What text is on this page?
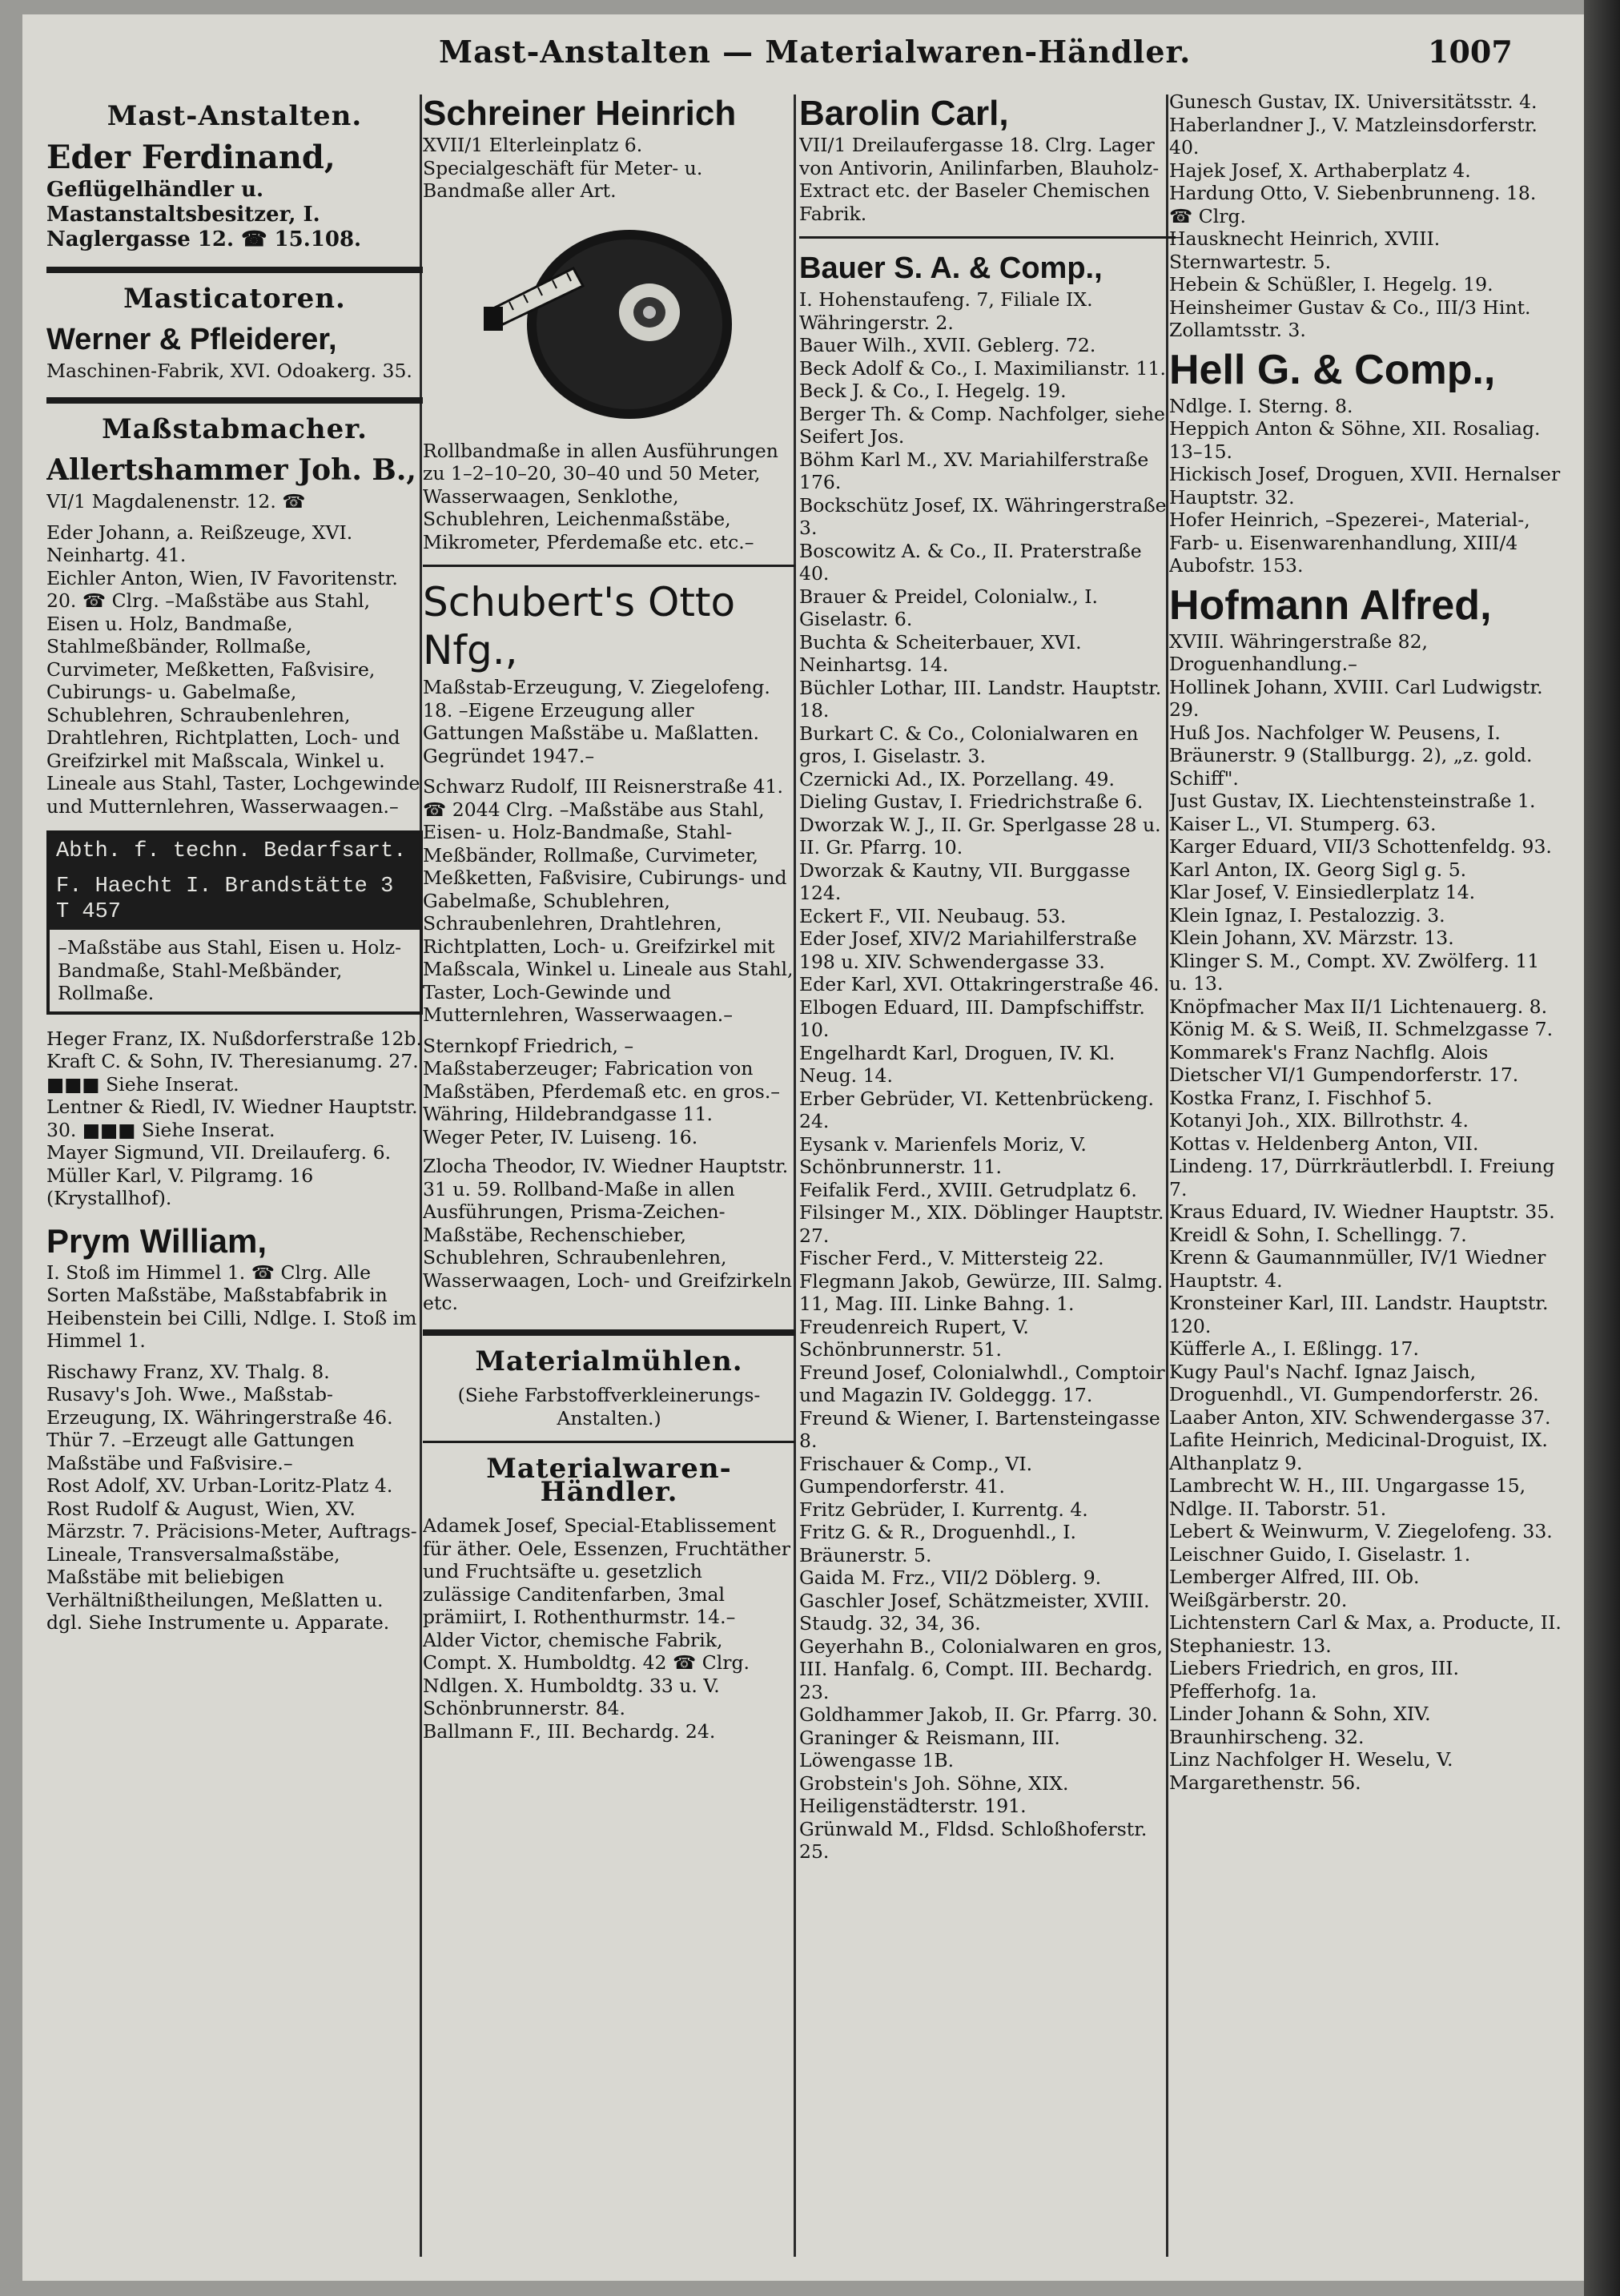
Mast-Anstalten — Materialwaren-Händler.	1007
Mast-Anstalten.
Eder Ferdinand,

Geflügelhändler u. Mastanstaltsbesitzer, I. Naglergasse 12. ☎ 15.108.

Masticatoren.
Werner & Pfleiderer,

Maschinen-Fabrik, XVI. Odoakerg. 35.

Maßstabmacher.
Allertshammer Joh. B.,

VI/1 Magdalenenstr. 12. ☎

Eder Johann, a. Reißzeuge, XVI. Neinhartg. 41.

Eichler Anton, Wien, IV Favoritenstr. 20. ☎ Clrg. –Maßstäbe aus Stahl, Eisen u. Holz, Bandmaße, Stahlmeßbänder, Rollmaße, Curvimeter, Meßketten, Faßvisire, Cubirungs- u. Gabelmaße, Schublehren, Schraubenlehren, Drahtlehren, Richtplatten, Loch- und Greifzirkel mit Maßscala, Winkel u. Lineale aus Stahl, Taster, Lochgewinde und Mutternlehren, Wasserwaagen.–

Abth. f. techn. Bedarfsart.
F. Haecht I. Brandstätte 3 T 457
–Maßstäbe aus Stahl, Eisen u. Holz-Bandmaße, Stahl-Meßbänder, Rollmaße.

Heger Franz, IX. Nußdorferstraße 12b.

Kraft C. & Sohn, IV. Theresianumg. 27. ■■■ Siehe Inserat.

Lentner & Riedl, IV. Wiedner Hauptstr. 30. ■■■ Siehe Inserat.

Mayer Sigmund, VII. Dreilauferg. 6.

Müller Karl, V. Pilgramg. 16 (Krystallhof).

Prym William,

I. Stoß im Himmel 1. ☎ Clrg. Alle Sorten Maßstäbe, Maßstabfabrik in Heibenstein bei Cilli, Ndlge. I. Stoß im Himmel 1.

Rischawy Franz, XV. Thalg. 8.

Rusavy's Joh. Wwe., Maßstab-Erzeugung, IX. Währingerstraße 46. Thür 7. –Erzeugt alle Gattungen Maßstäbe und Faßvisire.–

Rost Adolf, XV. Urban-Loritz-Platz 4.

Rost Rudolf & August, Wien, XV. Märzstr. 7. Präcisions-Meter, Auftrags-Lineale, Transversalmaßstäbe, Maßstäbe mit beliebigen Verhältnißtheilungen, Meßlatten u. dgl. Siehe Instrumente u. Apparate.

Schreiner Heinrich

XVII/1 Elterleinplatz 6. Specialgeschäft für Meter- u. Bandmaße aller Art.

Rollbandmaße in allen Ausführungen zu 1–2–10–20, 30–40 und 50 Meter, Wasserwaagen, Senklothe, Schublehren, Leichenmaßstäbe, Mikrometer, Pferdemaße etc. etc.–

Schubert's Otto Nfg.,

Maßstab-Erzeugung, V. Ziegelofeng. 18. –Eigene Erzeugung aller Gattungen Maßstäbe u. Maßlatten. Gegründet 1947.–

Schwarz Rudolf, III Reisnerstraße 41. ☎ 2044 Clrg. –Maßstäbe aus Stahl, Eisen- u. Holz-Bandmaße, Stahl-Meßbänder, Rollmaße, Curvimeter, Meßketten, Faßvisire, Cubirungs- und Gabelmaße, Schublehren, Schraubenlehren, Drahtlehren, Richtplatten, Loch- u. Greifzirkel mit Maßscala, Winkel u. Lineale aus Stahl, Taster, Loch-Gewinde und Mutternlehren, Wasserwaagen.–

Sternkopf Friedrich, –Maßstaberzeuger; Fabrication von Maßstäben, Pferdemaß etc. en gros.– Währing, Hildebrandgasse 11.

Weger Peter, IV. Luiseng. 16.

Zlocha Theodor, IV. Wiedner Hauptstr. 31 u. 59. Rollband-Maße in allen Ausführungen, Prisma-Zeichen-Maßstäbe, Rechenschieber, Schublehren, Schraubenlehren, Wasserwaagen, Loch- und Greifzirkeln etc.

Materialmühlen.

(Siehe Farbstoffverkleinerungs-Anstalten.)

Materialwaren-Händler.

Adamek Josef, Special-Etablissement für äther. Oele, Essenzen, Fruchtäther und Fruchtsäfte u. gesetzlich zulässige Canditenfarben, 3mal prämiirt, I. Rothenthurmstr. 14.–

Alder Victor, chemische Fabrik, Compt. X. Humboldtg. 42 ☎ Clrg. Ndlgen. X. Humboldtg. 33 u. V. Schönbrunnerstr. 84.

Ballmann F., III. Bechardg. 24.

Barolin Carl,

VII/1 Dreilaufergasse 18. Clrg. Lager von Antivorin, Anilinfarben, Blauholz-Extract etc. der Baseler Chemischen Fabrik.

Bauer S. A. & Comp.,

I. Hohenstaufeng. 7, Filiale IX. Währingerstr. 2.

Bauer Wilh., XVII. Geblerg. 72.

Beck Adolf & Co., I. Maximilianstr. 11.

Beck J. & Co., I. Hegelg. 19.

Berger Th. & Comp. Nachfolger, siehe Seifert Jos.

Böhm Karl M., XV. Mariahilferstraße 176.

Bockschütz Josef, IX. Währingerstraße 3.

Boscowitz A. & Co., II. Praterstraße 40.

Brauer & Preidel, Colonialw., I. Giselastr. 6.

Buchta & Scheiterbauer, XVI. Neinhartsg. 14.

Büchler Lothar, III. Landstr. Hauptstr. 18.

Burkart C. & Co., Colonialwaren en gros, I. Giselastr. 3.

Czernicki Ad., IX. Porzellang. 49.

Dieling Gustav, I. Friedrichstraße 6.

Dworzak W. J., II. Gr. Sperlgasse 28 u. II. Gr. Pfarrg. 10.

Dworzak & Kautny, VII. Burggasse 124.

Eckert F., VII. Neubaug. 53.

Eder Josef, XIV/2 Mariahilferstraße 198 u. XIV. Schwendergasse 33.

Eder Karl, XVI. Ottakringerstraße 46.

Elbogen Eduard, III. Dampfschiffstr. 10.

Engelhardt Karl, Droguen, IV. Kl. Neug. 14.

Erber Gebrüder, VI. Kettenbrückeng. 24.

Eysank v. Marienfels Moriz, V. Schönbrunnerstr. 11.

Feifalik Ferd., XVIII. Getrudplatz 6.

Filsinger M., XIX. Döblinger Hauptstr. 27.

Fischer Ferd., V. Mittersteig 22.

Flegmann Jakob, Gewürze, III. Salmg. 11, Mag. III. Linke Bahng. 1.

Freudenreich Rupert, V. Schönbrunnerstr. 51.

Freund Josef, Colonialwhdl., Comptoir und Magazin IV. Goldeggg. 17.

Freund & Wiener, I. Bartensteingasse 8.

Frischauer & Comp., VI. Gumpendorferstr. 41.

Fritz Gebrüder, I. Kurrentg. 4.

Fritz G. & R., Droguenhdl., I. Bräunerstr. 5.

Gaida M. Frz., VII/2 Döblerg. 9.

Gaschler Josef, Schätzmeister, XVIII. Staudg. 32, 34, 36.

Geyerhahn B., Colonialwaren en gros, III. Hanfalg. 6, Compt. III. Bechardg. 23.

Goldhammer Jakob, II. Gr. Pfarrg. 30.

Graninger & Reismann, III. Löwengasse 1B.

Grobstein's Joh. Söhne, XIX. Heiligenstädterstr. 191.

Grünwald M., Fldsd. Schloßhoferstr. 25.

Gunesch Gustav, IX. Universitätsstr. 4.

Haberlandner J., V. Matzleinsdorferstr. 40.

Hajek Josef, X. Arthaberplatz 4.

Hardung Otto, V. Siebenbrunneng. 18. ☎ Clrg.

Hausknecht Heinrich, XVIII. Sternwartestr. 5.

Hebein & Schüßler, I. Hegelg. 19.

Heinsheimer Gustav & Co., III/3 Hint. Zollamtsstr. 3.

Hell G. & Comp.,

Ndlge. I. Sterng. 8.

Heppich Anton & Söhne, XII. Rosaliag. 13–15.

Hickisch Josef, Droguen, XVII. Hernalser Hauptstr. 32.

Hofer Heinrich, –Spezerei-, Material-, Farb- u. Eisenwarenhandlung, XIII/4 Aubofstr. 153.

Hofmann Alfred,

XVIII. Währingerstraße 82, Droguenhandlung.–

Hollinek Johann, XVIII. Carl Ludwigstr. 29.

Huß Jos. Nachfolger W. Peusens, I. Bräunerstr. 9 (Stallburgg. 2), „z. gold. Schiff".

Just Gustav, IX. Liechtensteinstraße 1.

Kaiser L., VI. Stumperg. 63.

Karger Eduard, VII/3 Schottenfeldg. 93.

Karl Anton, IX. Georg Sigl g. 5.

Klar Josef, V. Einsiedlerplatz 14.

Klein Ignaz, I. Pestalozzig. 3.

Klein Johann, XV. Märzstr. 13.

Klinger S. M., Compt. XV. Zwölferg. 11 u. 13.

Knöpfmacher Max II/1 Lichtenauerg. 8.

König M. & S. Weiß, II. Schmelzgasse 7.

Kommarek's Franz Nachflg. Alois Dietscher VI/1 Gumpendorferstr. 17.

Kostka Franz, I. Fischhof 5.

Kotanyi Joh., XIX. Billrothstr. 4.

Kottas v. Heldenberg Anton, VII. Lindeng. 17, Dürrkräutlerbdl. I. Freiung 7.

Kraus Eduard, IV. Wiedner Hauptstr. 35.

Kreidl & Sohn, I. Schellingg. 7.

Krenn & Gaumannmüller, IV/1 Wiedner Hauptstr. 4.

Kronsteiner Karl, III. Landstr. Hauptstr. 120.

Küfferle A., I. Eßlingg. 17.

Kugy Paul's Nachf. Ignaz Jaisch, Droguenhdl., VI. Gumpendorferstr. 26.

Laaber Anton, XIV. Schwendergasse 37.

Lafite Heinrich, Medicinal-Droguist, IX. Althanplatz 9.

Lambrecht W. H., III. Ungargasse 15, Ndlge. II. Taborstr. 51.

Lebert & Weinwurm, V. Ziegelofeng. 33.

Leischner Guido, I. Giselastr. 1.

Lemberger Alfred, III. Ob. Weißgärberstr. 20.

Lichtenstern Carl & Max, a. Producte, II. Stephaniestr. 13.

Liebers Friedrich, en gros, III. Pfefferhofg. 1a.

Linder Johann & Sohn, XIV. Braunhirscheng. 32.

Linz Nachfolger H. Weselu, V. Margarethenstr. 56.
